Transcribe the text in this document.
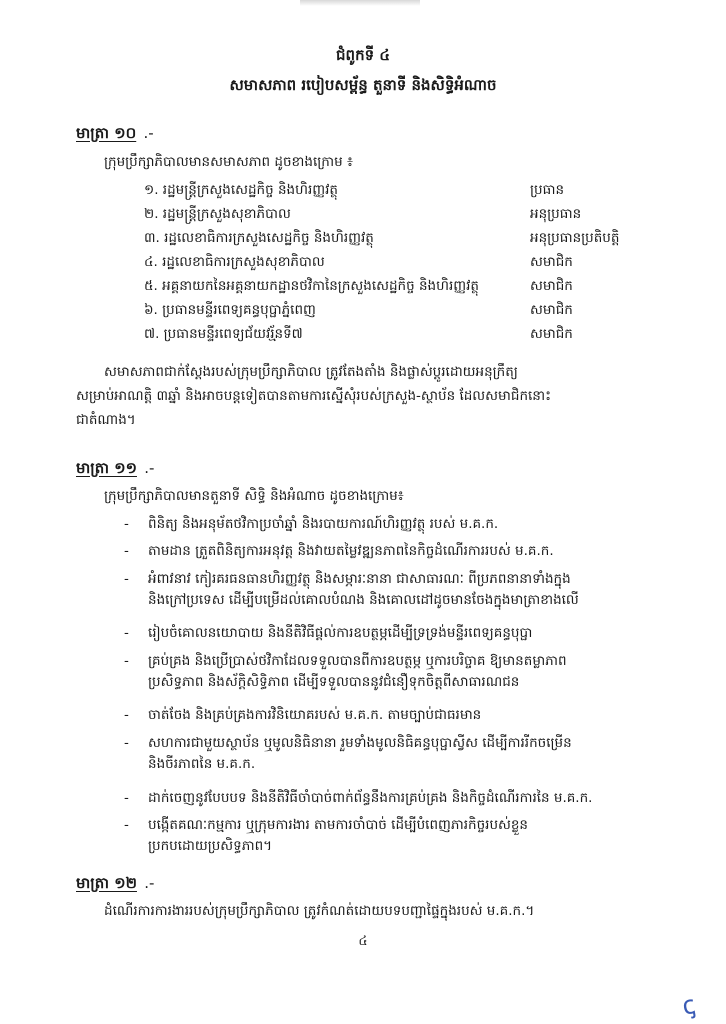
ជំពូកទី ៤
សមាសភាព របៀបសម្ព័ន្ធ តួនាទី និងសិទ្ធិអំណាច
មាត្រា ១០ .-
ក្រុមប្រឹក្សាភិបាលមានសមាសភាព ដូចខាងក្រោម ៖
១. រដ្ឋមន្ត្រីក្រសួងសេដ្ឋកិច្ច និងហិរញ្ញវត្ថុ	ប្រធាន
២. រដ្ឋមន្ត្រីក្រសួងសុខាភិបាល	អនុប្រធាន
៣. រដ្ឋលេខាធិការក្រសួងសេដ្ឋកិច្ច និងហិរញ្ញវត្ថុ	អនុប្រធានប្រតិបត្តិ
៤. រដ្ឋលេខាធិការក្រសួងសុខាភិបាល	សមាជិក
៥. អគ្គនាយកនៃអគ្គនាយកដ្ឋានថវិកានៃក្រសួងសេដ្ឋកិច្ច និងហិរញ្ញវត្ថុ	សមាជិក
៦. ប្រធានមន្ទីរពេទ្យគន្ធបុប្ផាភ្នំពេញ	សមាជិក
៧. ប្រធានមន្ទីរពេទ្យជ័យវរ្ម័នទី៧	សមាជិក
សមាសភាពជាក់ស្តែងរបស់ក្រុមប្រឹក្សាភិបាល ត្រូវតែងតាំង និងផ្លាស់ប្តូរដោយអនុក្រឹត្យ
សម្រាប់អាណត្តិ ៣ឆ្នាំ និងអាចបន្តទៀតបានតាមការស្នើសុំរបស់ក្រសួង-ស្ថាប័ន ដែលសមាជិកនោះ
ជាតំណាង។
មាត្រា ១១ .-
ក្រុមប្រឹក្សាភិបាលមានតួនាទី សិទ្ធិ និងអំណាច ដូចខាងក្រោម៖
- ពិនិត្យ និងអនុម័តថវិកាប្រចាំឆ្នាំ និងរបាយការណ៍ហិរញ្ញវត្ថុ របស់ ម.គ.ក.
- តាមដាន ត្រួតពិនិត្យការអនុវត្ត និងវាយតម្លៃវឌ្ឍនភាពនៃកិច្ចដំណើរការរបស់ ម.គ.ក.
- អំពាវនាវ កៀរគរធនធានហិរញ្ញវត្ថុ និងសម្ភារៈនានា ជាសាធារណៈ ពីប្រភពនានាទាំងក្នុង
និងក្រៅប្រទេស ដើម្បីបម្រើដល់គោលបំណង និងគោលដៅដូចមានចែងក្នុងមាត្រាខាងលើ
- រៀបចំគោលនយោបាយ និងនីតិវិធីផ្តល់ការឧបត្ថម្ភដើម្បីទ្រទ្រង់មន្ទីរពេទ្យគន្ធបុប្ផា
- គ្រប់គ្រង និងប្រើប្រាស់ថវិកាដែលទទួលបានពីការឧបត្ថម្ភ ឬការបរិច្ចាគ ឱ្យមានតម្លាភាព
ប្រសិទ្ធភាព និងស័ក្តិសិទ្ធិភាព ដើម្បីទទួលបាននូវជំនឿទុកចិត្តពីសាធារណជន
- ចាត់ចែង និងគ្រប់គ្រងការវិនិយោគរបស់ ម.គ.ក. តាមច្បាប់ជាធរមាន
- សហការជាមួយស្ថាប័ន ឬមូលនិធិនានា រួមទាំងមូលនិធិគន្ធបុប្ផាស្វីស ដើម្បីការរីកចម្រើន
និងចីរភាពនៃ ម.គ.ក.
- ដាក់ចេញនូវបែបបទ និងនីតិវិធីចាំបាច់ពាក់ព័ន្ធនឹងការគ្រប់គ្រង និងកិច្ចដំណើរការនៃ ម.គ.ក.
- បង្កើតគណៈកម្មការ ឬក្រុមការងារ តាមការចាំបាច់ ដើម្បីបំពេញភារកិច្ចរបស់ខ្លួន
ប្រកបដោយប្រសិទ្ធភាព។
មាត្រា ១២ .-
ដំណើរការការងាររបស់ក្រុមប្រឹក្សាភិបាល ត្រូវកំណត់ដោយបទបញ្ជាផ្ទៃក្នុងរបស់ ម.គ.ក.។
៤
ꞔ
